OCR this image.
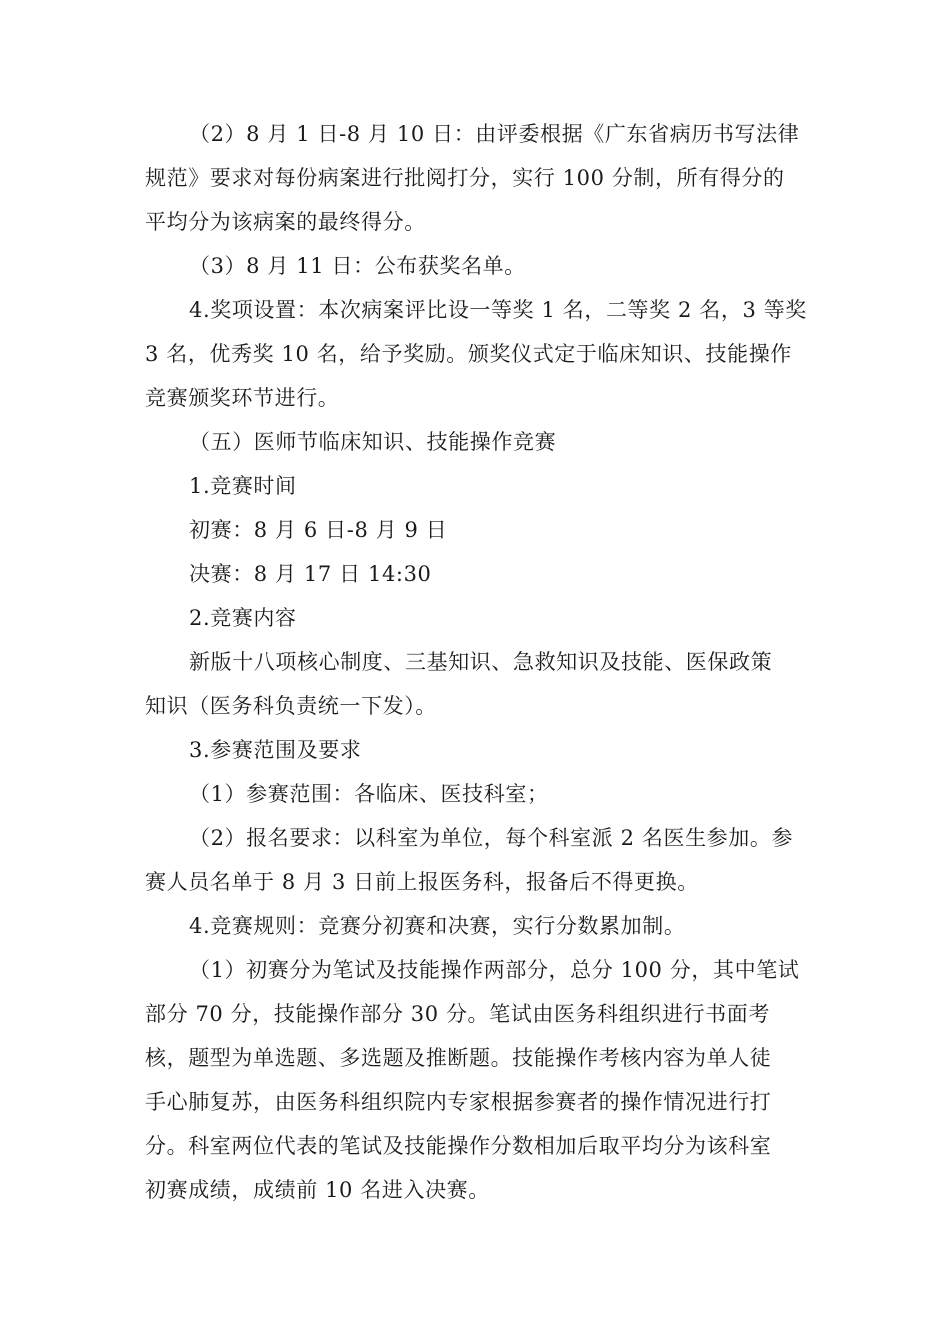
（2）8 月 1 日-8 月 10 日：由评委根据《广东省病历书写法律
规范》要求对每份病案进行批阅打分，实行 100 分制，所有得分的
平均分为该病案的最终得分。

（3）8 月 11 日：公布获奖名单。

4.奖项设置：本次病案评比设一等奖 1 名，二等奖 2 名，3 等奖
3 名，优秀奖 10 名，给予奖励。颁奖仪式定于临床知识、技能操作
竞赛颁奖环节进行。

（五）医师节临床知识、技能操作竞赛

1.竞赛时间

初赛：8 月 6 日-8 月 9 日

决赛：8 月 17 日 14:30

2.竞赛内容

新版十八项核心制度、三基知识、急救知识及技能、医保政策
知识（医务科负责统一下发）。

3.参赛范围及要求

（1）参赛范围：各临床、医技科室；

（2）报名要求：以科室为单位，每个科室派 2 名医生参加。参
赛人员名单于 8 月 3 日前上报医务科，报备后不得更换。

4.竞赛规则：竞赛分初赛和决赛，实行分数累加制。

（1）初赛分为笔试及技能操作两部分，总分 100 分，其中笔试
部分 70 分，技能操作部分 30 分。笔试由医务科组织进行书面考
核，题型为单选题、多选题及推断题。技能操作考核内容为单人徒
手心肺复苏，由医务科组织院内专家根据参赛者的操作情况进行打
分。科室两位代表的笔试及技能操作分数相加后取平均分为该科室
初赛成绩，成绩前 10 名进入决赛。
